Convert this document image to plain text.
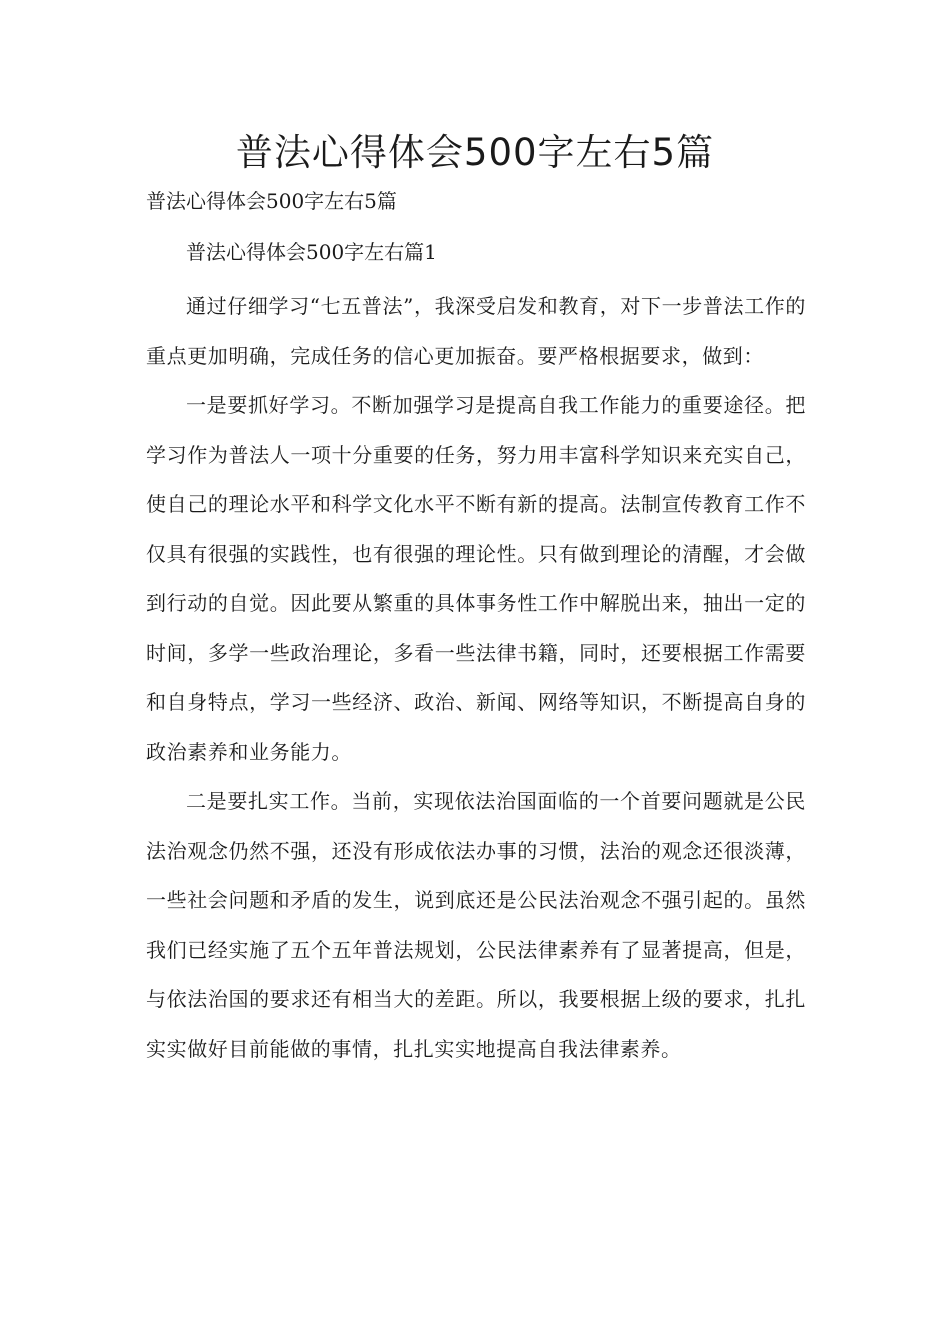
普法心得体会500字左右5篇

普法心得体会500字左右5篇

普法心得体会500字左右篇1

通过仔细学习“七五普法”，我深受启发和教育，对下一步普法工作的重点更加明确，完成任务的信心更加振奋。要严格根据要求，做到：

一是要抓好学习。不断加强学习是提高自我工作能力的重要途径。把学习作为普法人一项十分重要的任务，努力用丰富科学知识来充实自己，使自己的理论水平和科学文化水平不断有新的提高。法制宣传教育工作不仅具有很强的实践性，也有很强的理论性。只有做到理论的清醒，才会做到行动的自觉。因此要从繁重的具体事务性工作中解脱出来，抽出一定的时间，多学一些政治理论，多看一些法律书籍，同时，还要根据工作需要和自身特点，学习一些经济、政治、新闻、网络等知识，不断提高自身的政治素养和业务能力。

二是要扎实工作。当前，实现依法治国面临的一个首要问题就是公民法治观念仍然不强，还没有形成依法办事的习惯，法治的观念还很淡薄，一些社会问题和矛盾的发生，说到底还是公民法治观念不强引起的。虽然我们已经实施了五个五年普法规划，公民法律素养有了显著提高，但是，与依法治国的要求还有相当大的差距。所以，我要根据上级的要求，扎扎实实做好目前能做的事情，扎扎实实地提高自我法律素养。
